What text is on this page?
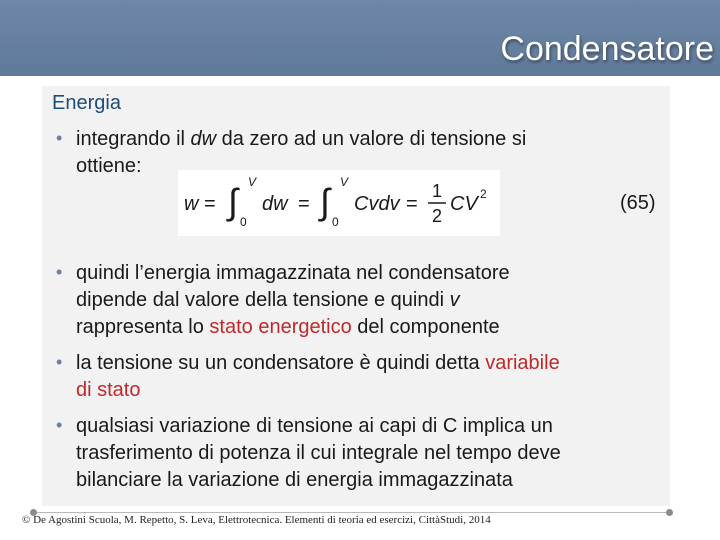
Condensatore
Energia
• integrando il dw da zero ad un valore di tensione si
ottiene:
w = ∫ V
0
dw = ∫ V
0
Cvdv =
1
2
CV 2	(65)
• quindi l’energia immagazzinata nel condensatore
dipende dal valore della tensione e quindi v
rappresenta lo stato energetico del componente
• la tensione su un condensatore è quindi detta variabile
di stato
• qualsiasi variazione di tensione ai capi di C implica un
trasferimento di potenza il cui integrale nel tempo deve
bilanciare la variazione di energia immagazzinata
© De Agostini Scuola, M. Repetto, S. Leva, Elettrotecnica. Elementi di teoria ed esercizi, CittàStudi, 2014
